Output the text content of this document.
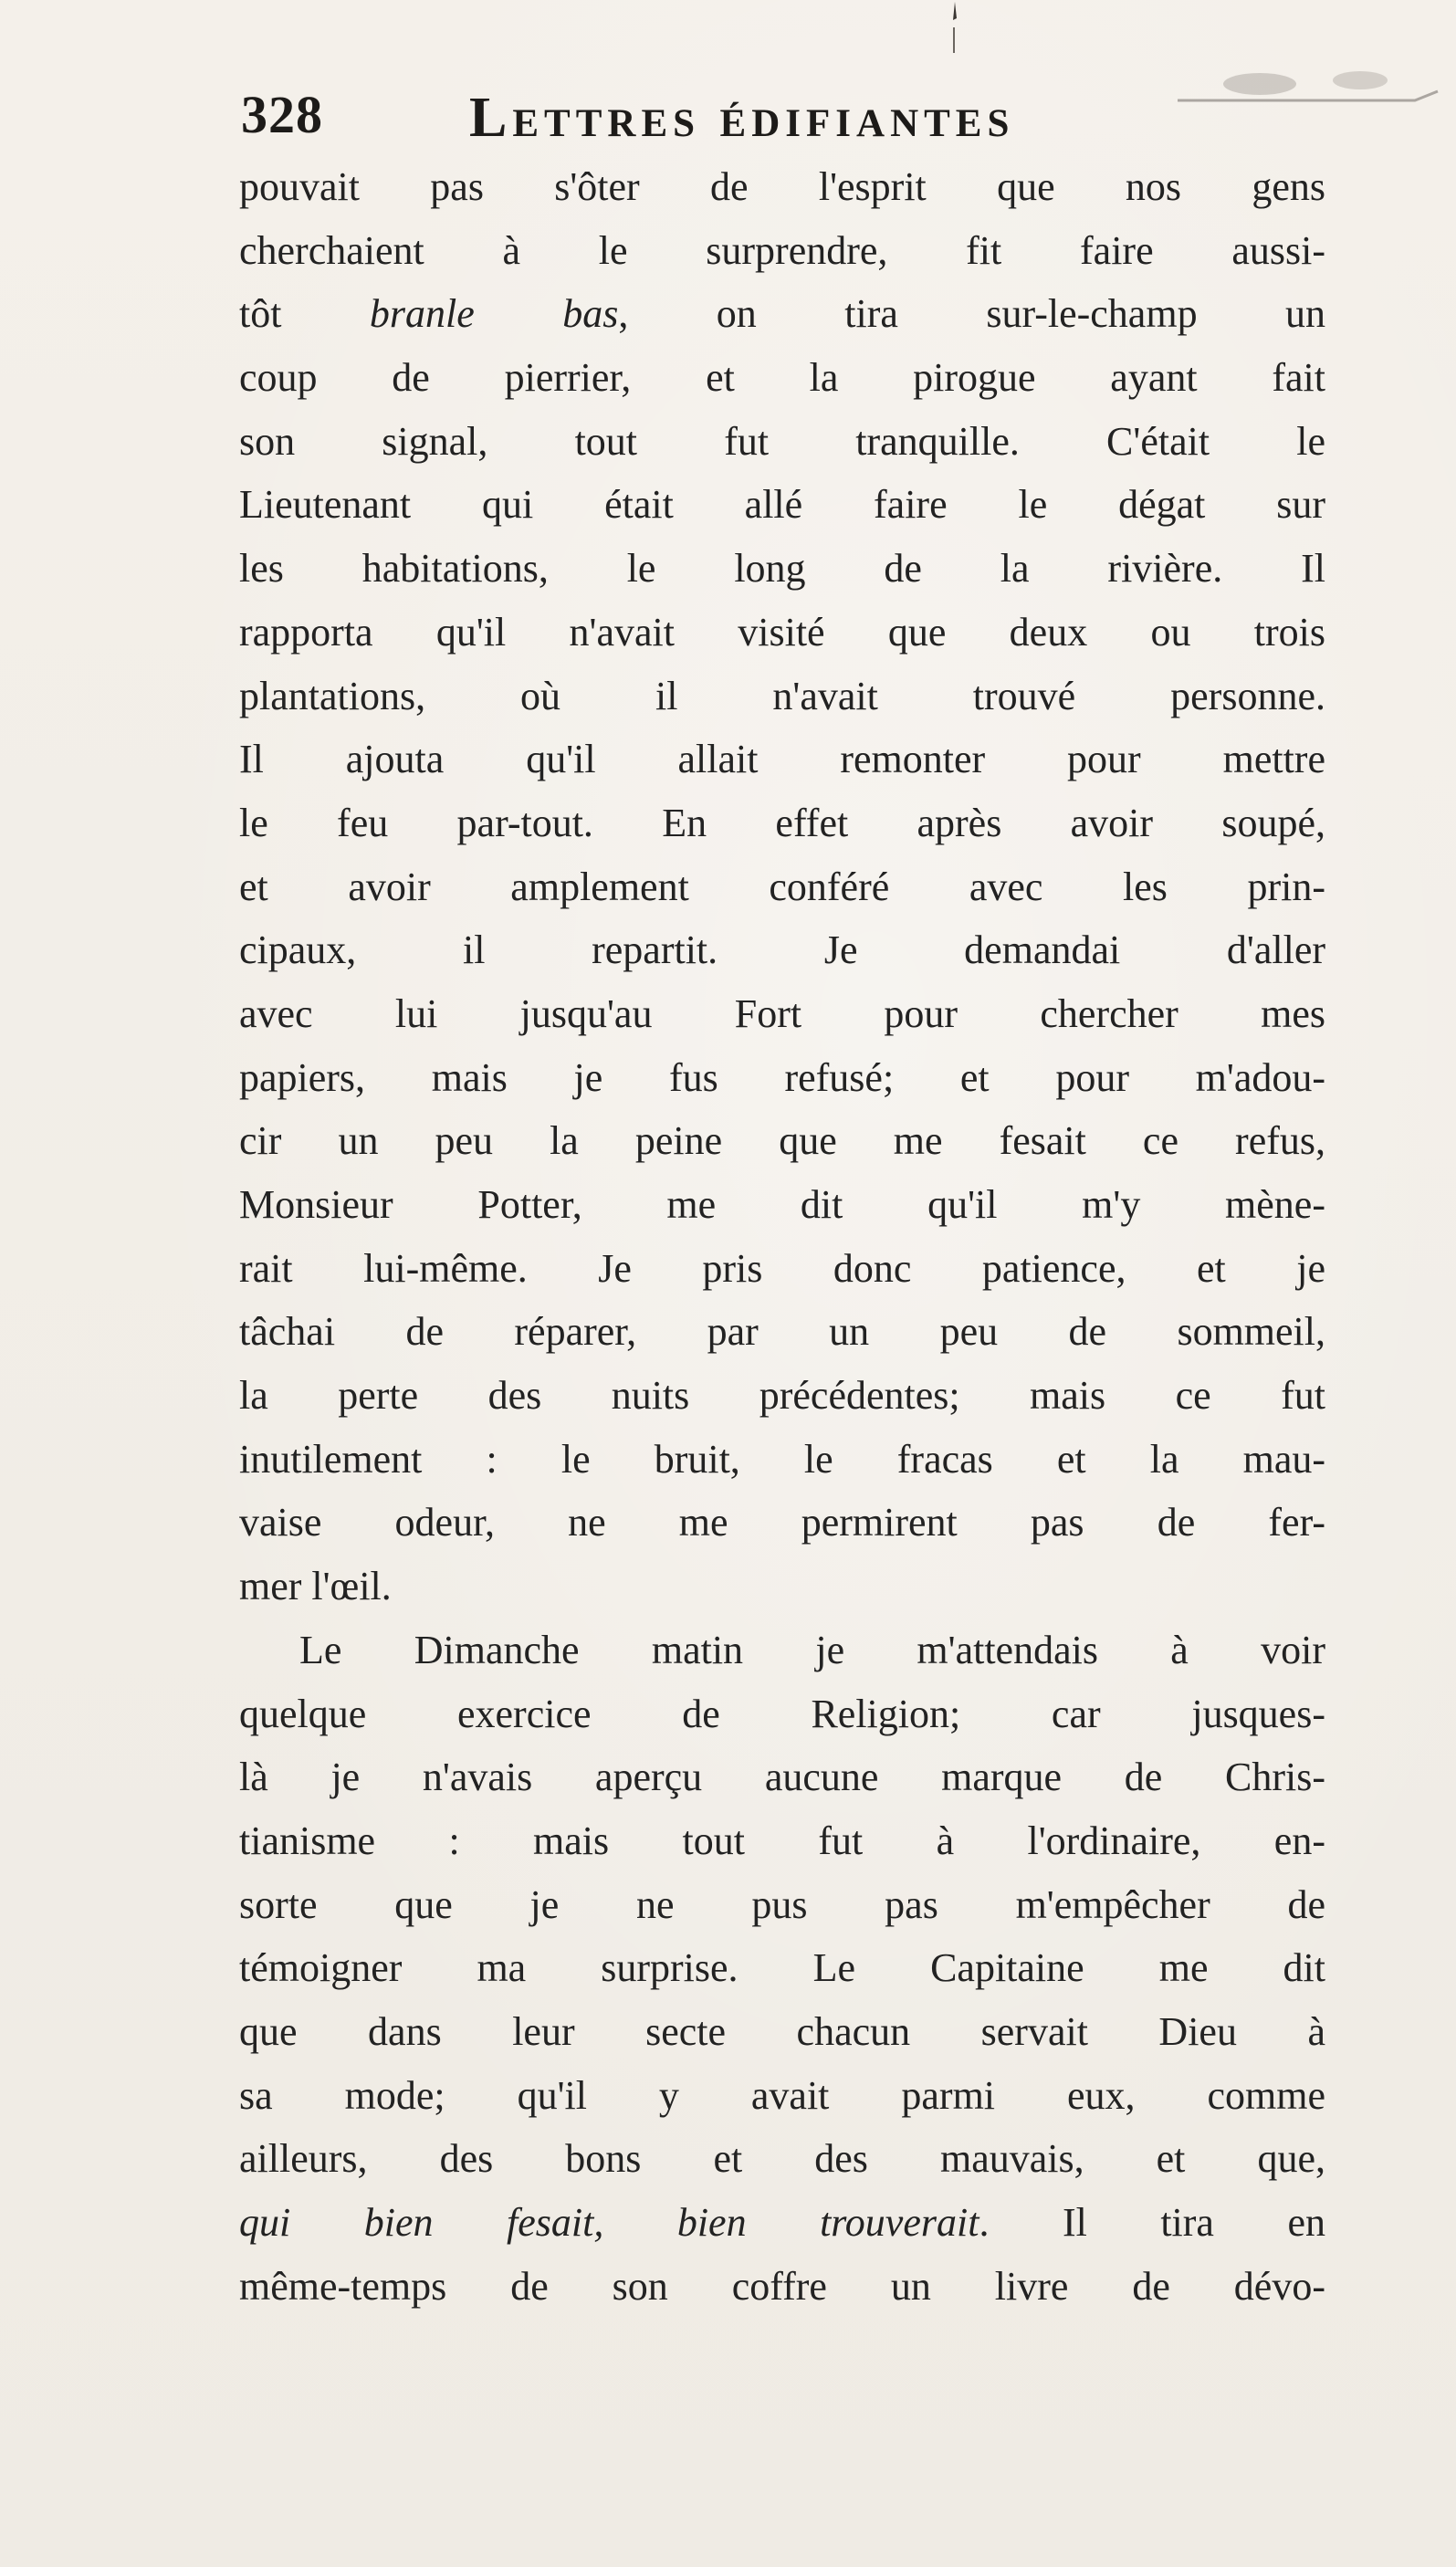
328	Lettres édifiantes
pouvait pas s'ôter de l'esprit que nos gens
cherchaient à le surprendre, fit faire aussi-
tôt branle bas, on tira sur-le-champ un
coup de pierrier, et la pirogue ayant fait
son signal, tout fut tranquille. C'était le
Lieutenant qui était allé faire le dégat sur
les habitations, le long de la rivière. Il
rapporta qu'il n'avait visité que deux ou trois
plantations, où il n'avait trouvé personne.
Il ajouta qu'il allait remonter pour mettre
le feu par-tout. En effet après avoir soupé,
et avoir amplement conféré avec les prin-
cipaux, il repartit. Je demandai d'aller
avec lui jusqu'au Fort pour chercher mes
papiers, mais je fus refusé; et pour m'adou-
cir un peu la peine que me fesait ce refus,
Monsieur Potter, me dit qu'il m'y mène-
rait lui-même. Je pris donc patience, et je
tâchai de réparer, par un peu de sommeil,
la perte des nuits précédentes; mais ce fut
inutilement : le bruit, le fracas et la mau-
vaise odeur, ne me permirent pas de fer-
mer l'œil.
Le Dimanche matin je m'attendais à voir
quelque exercice de Religion; car jusques-
là je n'avais aperçu aucune marque de Chris-
tianisme : mais tout fut à l'ordinaire, en-
sorte que je ne pus pas m'empêcher de
témoigner ma surprise. Le Capitaine me dit
que dans leur secte chacun servait Dieu à
sa mode; qu'il y avait parmi eux, comme
ailleurs, des bons et des mauvais, et que,
qui bien fesait, bien trouverait. Il tira en
même-temps de son coffre un livre de dévo-
